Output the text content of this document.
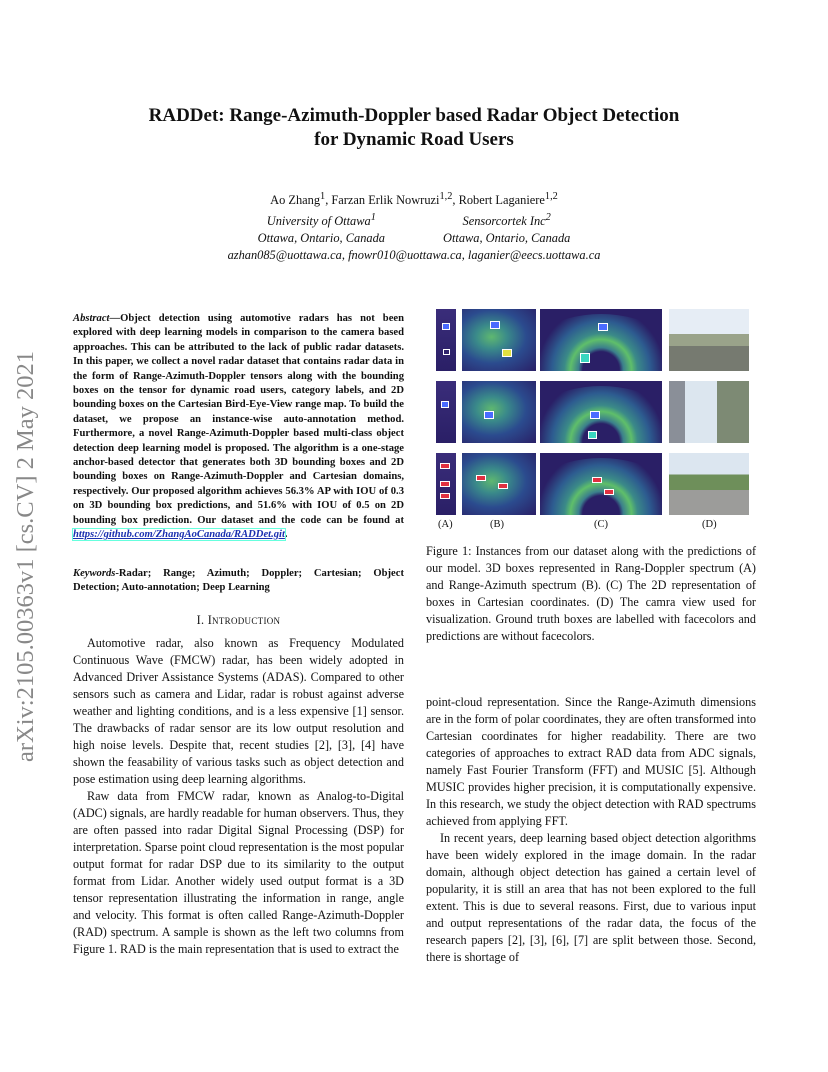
arXiv:2105.00363v1 [cs.CV] 2 May 2021
RADDet: Range-Azimuth-Doppler based Radar Object Detection
for Dynamic Road Users
Ao Zhang$^1$, Farzan Erlik Nowruzi$^{1,2}$, Robert Laganiere$^{1,2}$
University of Ottawa$^1$
Ottawa, Ontario, Canada
Sensorcortek Inc$^2$
Ottawa, Ontario, Canada
azhan085@uottawa.ca, fnowr010@uottawa.ca, laganier@eecs.uottawa.ca
Abstract—Object detection using automotive radars has not been explored with deep learning models in comparison to the camera based approaches. This can be attributed to the lack of public radar datasets. In this paper, we collect a novel radar dataset that contains radar data in the form of Range-Azimuth-Doppler tensors along with the bounding boxes on the tensor for dynamic road users, category labels, and 2D bounding boxes on the Cartesian Bird-Eye-View range map. To build the dataset, we propose an instance-wise auto-annotation method. Furthermore, a novel Range-Azimuth-Doppler based multi-class object detection deep learning model is proposed. The algorithm is a one-stage anchor-based detector that generates both 3D bounding boxes and 2D bounding boxes on Range-Azimuth-Doppler and Cartesian domains, respectively. Our proposed algorithm achieves 56.3% AP with IOU of 0.3 on 3D bounding box predictions, and 51.6% with IOU of 0.5 on 2D bounding box prediction. Our dataset and the code can be found at https://github.com/ZhangAoCanada/RADDet.git.
Keywords-Radar; Range; Azimuth; Doppler; Cartesian; Object Detection; Auto-annotation; Deep Learning
I. Introduction

Automotive radar, also known as Frequency Modulated Continuous Wave (FMCW) radar, has been widely adopted in Advanced Driver Assistance Systems (ADAS). Compared to other sensors such as camera and Lidar, radar is robust against adverse weather and lighting conditions, and is a less expensive [1] sensor. The drawbacks of radar sensor are its low output resolution and high noise levels. Despite that, recent studies [2], [3], [4] have shown the feasability of various tasks such as object detection and pose estimation using deep learning algorithms.

Raw data from FMCW radar, known as Analog-to-Digital (ADC) signals, are hardly readable for human observers. Thus, they are often passed into radar Digital Signal Processing (DSP) for interpretation. Sparse point cloud representation is the most popular output format for radar DSP due to its similarity to the output format from Lidar. Another widely used output format is a 3D tensor representation illustrating the information in range, angle and velocity. This format is often called Range-Azimuth-Doppler (RAD) spectrum. A sample is shown as the left two columns from Figure 1. RAD is the main representation that is used to extract the

(A)	(B)	(C)	(D)
Figure 1: Instances from our dataset along with the predictions of our model. 3D boxes represented in Rang-Doppler spectrum (A) and Range-Azimuth spectrum (B). (C) The 2D representation of boxes in Cartesian coordinates. (D) The camra view used for visualization. Ground truth boxes are labelled with facecolors and predictions are without facecolors.

point-cloud representation. Since the Range-Azimuth dimensions are in the form of polar coordinates, they are often transformed into Cartesian coordinates for higher readability. There are two categories of approaches to extract RAD data from ADC signals, namely Fast Fourier Transform (FFT) and MUSIC [5]. Although MUSIC provides higher precision, it is computationally expensive. In this research, we study the object detection with RAD spectrums achieved from applying FFT.

In recent years, deep learning based object detection algorithms have been widely explored in the image domain. In the radar domain, although object detection has gained a certain level of popularity, it is still an area that has not been explored to the full extent. This is due to several reasons. First, due to various input and output representations of the radar data, the focus of the research papers [2], [3], [6], [7] are split between those. Second, there is shortage of
